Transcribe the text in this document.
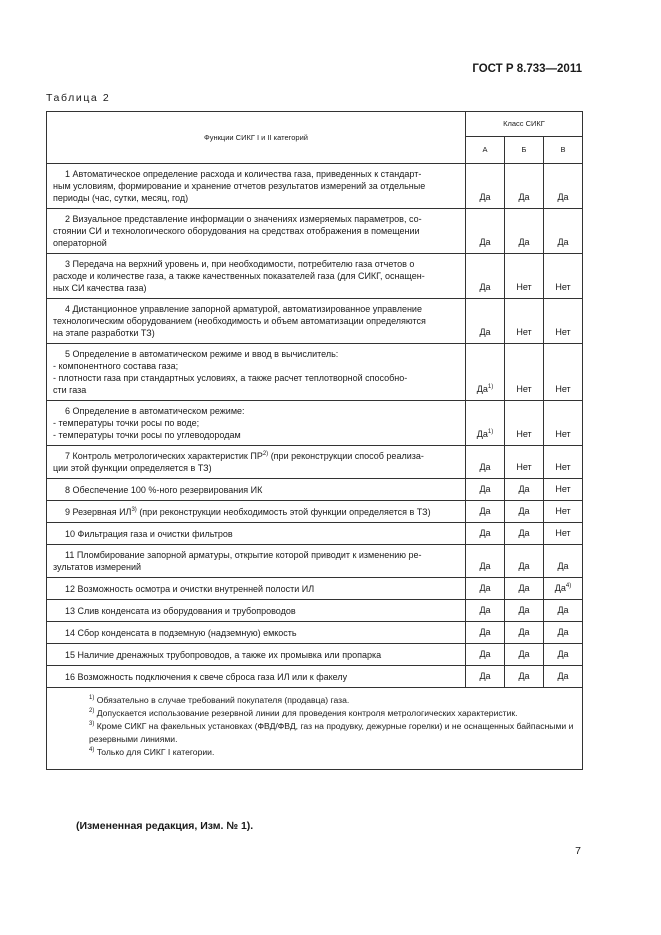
ГОСТ Р 8.733—2011
Таблица 2
Функции СИКГ I и II категорий	Класс СИКГ		
	А	Б	В

1 Автоматическое определение расхода и количества газа, приведенных к стандарт-
ным условиям, формирование и хранение отчетов результатов измерений за отдельные
периоды (час, сутки, месяц, год)	Да	Да	Да

2 Визуальное представление информации о значениях измеряемых параметров, со-
стоянии СИ и технологического оборудования на средствах отображения в помещении
операторной	Да	Да	Да

3 Передача на верхний уровень и, при необходимости, потребителю газа отчетов о
расходе и количестве газа, а также качественных показателей газа (для СИКГ, оснащен-
ных СИ качества газа)	Да	Нет	Нет

4 Дистанционное управление запорной арматурой, автоматизированное управление
технологическим оборудованием (необходимость и объем автоматизации определяются
на этапе разработки ТЗ)	Да	Нет	Нет

5 Определение в автоматическом режиме и ввод в вычислитель:
- компонентного состава газа;
- плотности газа при стандартных условиях, а также расчет теплотворной способно-
сти газа	$Да^{1)}$	Нет	Нет

6 Определение в автоматическом режиме:
- температуры точки росы по воде;
- температуры точки росы по углеводородам	$Да^{1)}$	Нет	Нет

7 Контроль метрологических характеристик ПР$^{2)}$ (при реконструкции способ реализа-
ции этой функции определяется в ТЗ)	Да	Нет	Нет

8 Обеспечение 100 %-ного резервирования ИК	Да	Да	Нет

9 Резервная ИЛ$^{3)}$ (при реконструкции необходимость этой функции определяется в ТЗ)	Да	Да	Нет

10 Фильтрация газа и очистки фильтров	Да	Да	Нет

11 Пломбирование запорной арматуры, открытие которой приводит к изменению ре-
зультатов измерений	Да	Да	Да

12 Возможность осмотра и очистки внутренней полости ИЛ	Да	Да	$Да^{4)}$

13 Слив конденсата из оборудования и трубопроводов	Да	Да	Да

14 Сбор конденсата в подземную (надземную) емкость	Да	Да	Да

15 Наличие дренажных трубопроводов, а также их промывка или пропарка	Да	Да	Да

16 Возможность подключения к свече сброса газа ИЛ или к факелу	Да	Да	Да

$^{1)}$ Обязательно в случае требований покупателя (продавца) газа.
$^{2)}$ Допускается использование резервной линии для проведения контроля метрологических характеристик.
$^{3)}$ Кроме СИКГ на факельных установках (ФВД/ФВД, газ на продувку, дежурные горелки) и не оснащенных байпасными и резервными линиями.
$^{4)}$ Только для СИКГ I категории.			
(Измененная редакция, Изм. № 1).
7
